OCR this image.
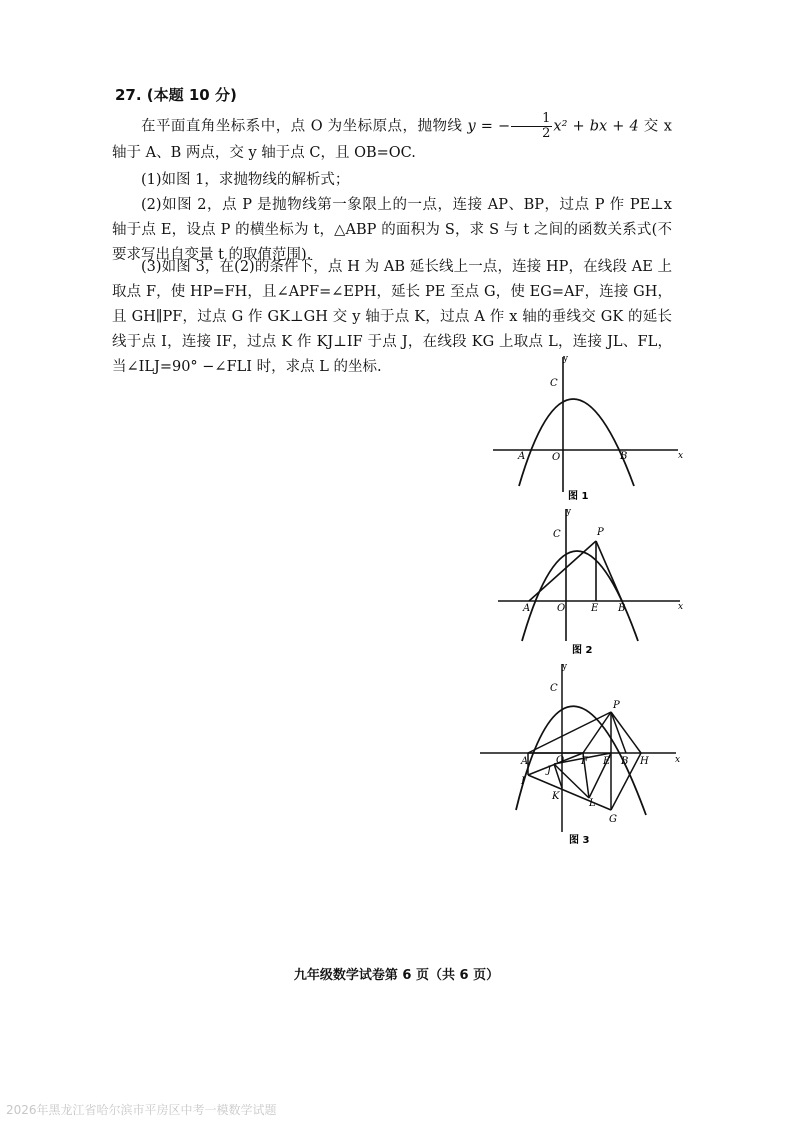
27. (本题 10 分)
在平面直角坐标系中，点 O 为坐标原点，抛物线 y = − $\frac{1}{2} x^2$ + bx + 4 交 x 轴于 A、B 两点，交 y 轴于点 C，且 OB=OC.
(1)如图 1，求抛物线的解析式；
(2)如图 2，点 P 是抛物线第一象限上的一点，连接 AP、BP，过点 P 作 PE⊥x 轴于点 E，设点 P 的横坐标为 t，△ABP 的面积为 S，求 S 与 t 之间的函数关系式(不要求写出自变量 t 的取值范围).
(3)如图 3，在(2)的条件下，点 H 为 AB 延长线上一点，连接 HP，在线段 AE 上取点 F，使 HP=FH，且∠APF=∠EPH，延长 PE 至点 G，使 EG=AF，连接 GH，且 GH∥PF，过点 G 作 GK⊥GH 交 y 轴于点 K，过点 A 作 x 轴的垂线交 GK 的延长线于点 I，连接 IF，过点 K 作 KJ⊥IF 于点 J，在线段 KG 上取点 L，连接 JL、FL，当∠ILJ=90° −∠FLI 时，求点 L 的坐标.	y
x
C
A	O	B
图 1
y
x
C	P
A	O	E B
图 2
y
x
C
P
A	O
J
F E B H
I
K
L
G
图 3
九年级数学试卷第 6 页（共 6 页）
2026年黑龙江省哈尔滨市平房区中考一模数学试题
